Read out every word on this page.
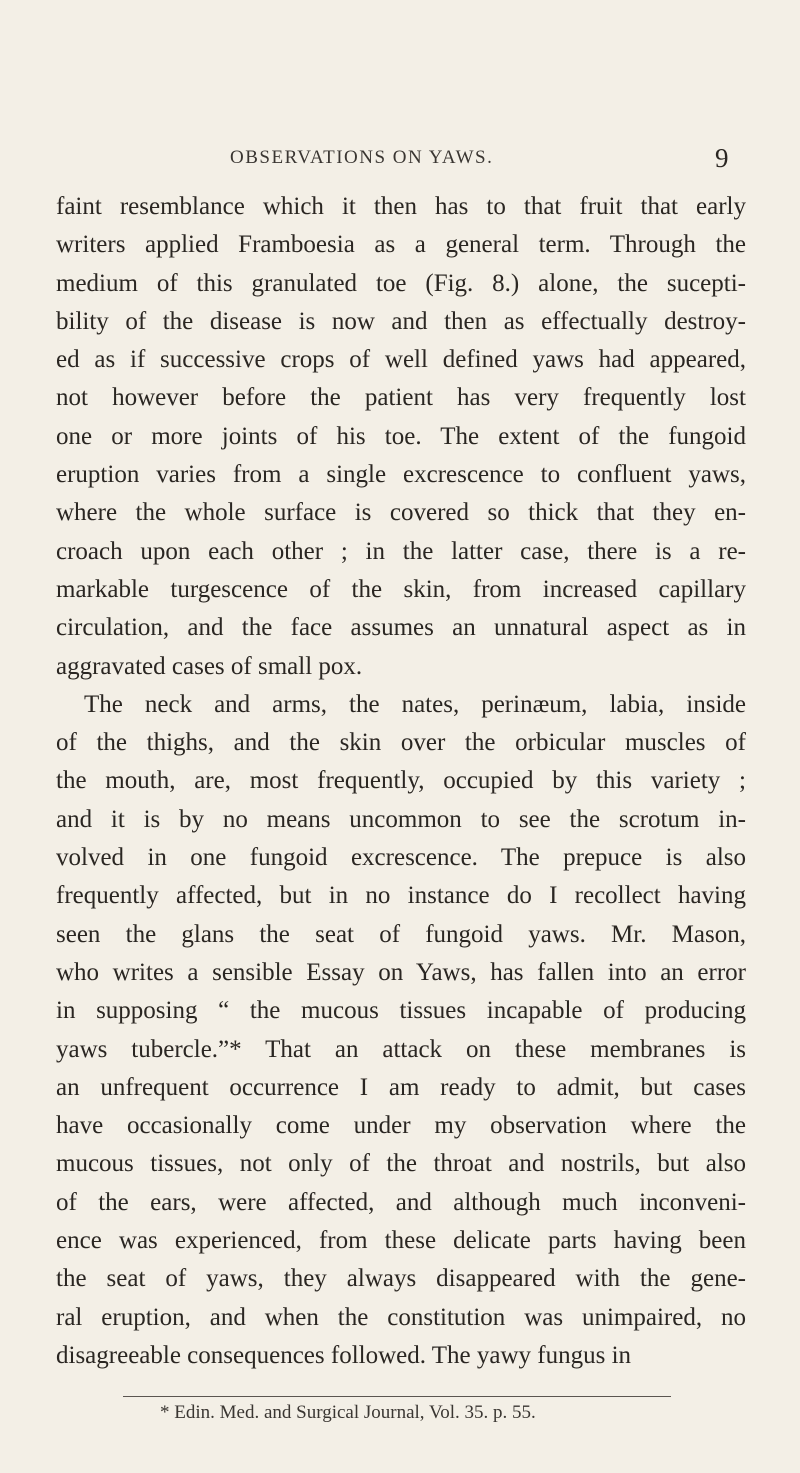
OBSERVATIONS ON YAWS.	9
faint resemblance which it then has to that fruit that early
writers applied Framboesia as a general term. Through the
medium of this granulated toe (Fig. 8.) alone, the sucepti-
bility of the disease is now and then as effectually destroy-
ed as if successive crops of well defined yaws had appeared,
not however before the patient has very frequently lost
one or more joints of his toe. The extent of the fungoid
eruption varies from a single excrescence to confluent yaws,
where the whole surface is covered so thick that they en-
croach upon each other ; in the latter case, there is a re-
markable turgescence of the skin, from increased capillary
circulation, and the face assumes an unnatural aspect as in
aggravated cases of small pox.
The neck and arms, the nates, perinæum, labia, inside
of the thighs, and the skin over the orbicular muscles of
the mouth, are, most frequently, occupied by this variety ;
and it is by no means uncommon to see the scrotum in-
volved in one fungoid excrescence. The prepuce is also
frequently affected, but in no instance do I recollect having
seen the glans the seat of fungoid yaws. Mr. Mason,
who writes a sensible Essay on Yaws, has fallen into an error
in supposing “ the mucous tissues incapable of producing
yaws tubercle.”* That an attack on these membranes is
an unfrequent occurrence I am ready to admit, but cases
have occasionally come under my observation where the
mucous tissues, not only of the throat and nostrils, but also
of the ears, were affected, and although much inconveni-
ence was experienced, from these delicate parts having been
the seat of yaws, they always disappeared with the gene-
ral eruption, and when the constitution was unimpaired, no
disagreeable consequences followed. The yawy fungus in
* Edin. Med. and Surgical Journal, Vol. 35. p. 55.
